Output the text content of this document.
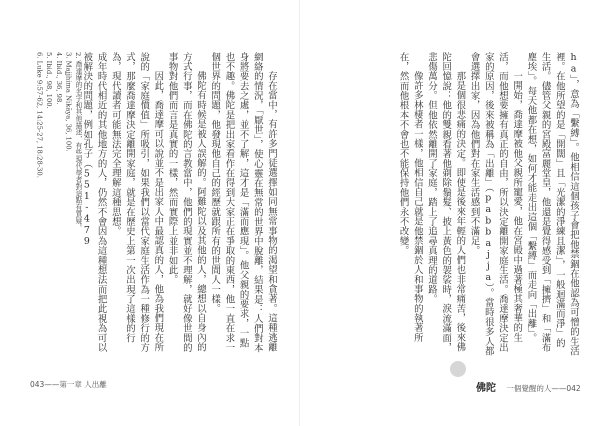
存在當中，有許多門徒選擇如同無常事物的渴望和貪著。這種逃離網絡的情況，「厭世」，使心靈在無常的世界中脫離，結果是：人們對本身將要去之處，並不了解，這才是「滿而應現」。他父親的要求，一點也不趣。佛陀是把出家看作在得到大家正在爭取的東西，他一直在求一個世界的問題，他發現他自己的經歷就跟所有的世間人一樣。

佛陀有時候是被人誤解的。阿難陀以及其他的人，總想以自身內的方式行事，而在佛陀的言教當中，他們的現實並不理解，就好像世間的事物對他們而言是真實的一樣，然而實際上並非如此。

因此，喬達摩可以說並不是出家人中最認真的人，他為我們現在所說的「家庭價值」所吸引，如果我們以當代家庭生活作為一種修行的方式，那麼喬達摩決定離開家庭，就是在歷史上第一次出現了這樣的行為，現代讀者可能無法完全理解這種思想。

成年時代相近的其他地方的人，仍然不會因為這種想法而把此視為可以被解決的問題，例如孔子（551-479

2. 喬達摩的名字和其他描述，有些現代學者對這點有質疑。
3. Majjhima Nikāya, 36, 100.
4. Ibid., 36, 98.
5. Ibid., 98, 100.
6. Luke 9:57-62, 14:25-27, 18:28-30.
043——第一章 人出離

ha」，意為「繫縛」。他相信這個孩子會把他禁錮在他認為可憎的生活裡。在他所望的是「開闊」且「光潔的淨練且潔」，一般迴滿而淨」的生活。儘管父親的宮殿富麗堂皇，他還是覺得感受到「擁擠」和「滿布塵埃」。每天他都在想，如何才能走出這個「繫縛」而走向「出離」。

一開始，喬達摩被他父親所寵愛，他在宮殿中過著極其奢華的生活，而他想要擁有真正的自由，所以決定離開家庭生活。喬達摩決定出家的原因，後來被稱為「出離」（pabbajja）。當時很多人都會選擇出家，因為他們對在家生活感到不滿足。

那是個很悲痛的決定。即使是後來年輕的人們也非常痛苦，後來佛陀回憶說：他的雙親看著他剃除鬚髮、披上黃色的袈裟時，淚流滿面，悲傷萬分。但他依然離開了家庭，踏上了追尋真理的道路。

像許多林棲者一樣，他相信自己就是他禁錮於人和事物的執著所在，然而他根本不會也不能保持他們永不改變。

佛陀 一個覺醒的人——042
